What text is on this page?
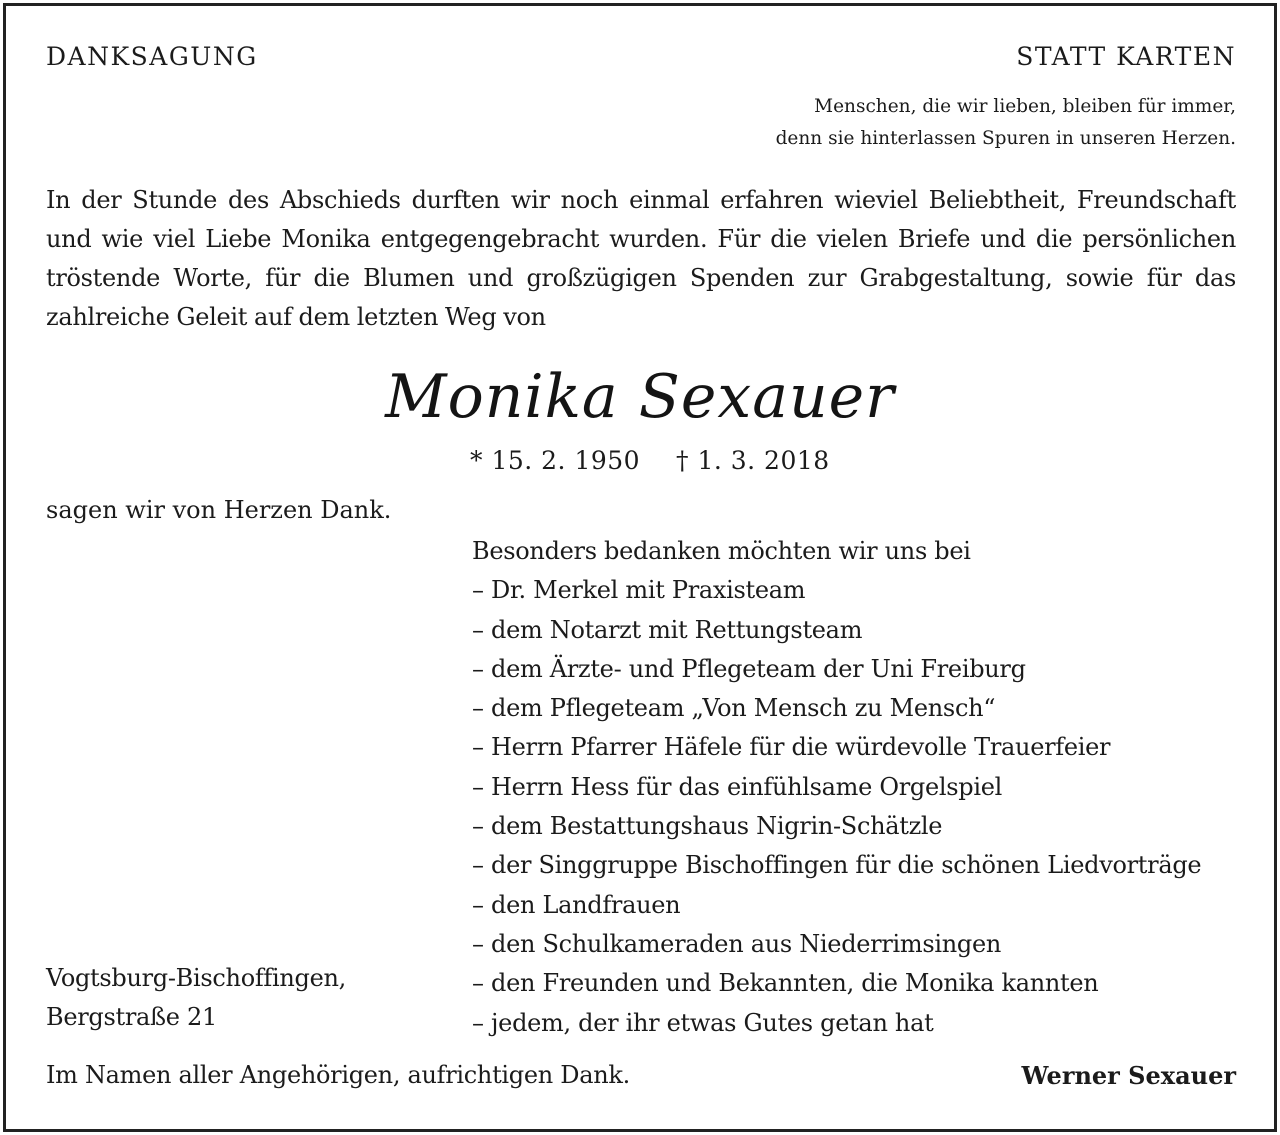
DANKSAGUNG	STATT KARTEN
Menschen, die wir lieben, bleiben für immer,
denn sie hinterlassen Spuren in unseren Herzen.
In der Stunde des Abschieds durften wir noch einmal erfahren wieviel Beliebtheit, Freundschaft und wie viel Liebe Monika entgegengebracht wurden. Für die vielen Briefe und die persönlichen tröstende Worte, für die Blumen und großzügigen Spenden zur Grabgestaltung, sowie für das zahlreiche Geleit auf dem letzten Weg von
Monika Sexauer
* 15. 2. 1950 † 1. 3. 2018
sagen wir von Herzen Dank.
Besonders bedanken möchten wir uns bei
– Dr. Merkel mit Praxisteam
– dem Notarzt mit Rettungsteam
– dem Ärzte- und Pflegeteam der Uni Freiburg
– dem Pflegeteam „Von Mensch zu Mensch“
– Herrn Pfarrer Häfele für die würdevolle Trauerfeier
– Herrn Hess für das einfühlsame Orgelspiel
– dem Bestattungshaus Nigrin-Schätzle
– der Singgruppe Bischoffingen für die schönen Liedvorträge
– den Landfrauen
– den Schulkameraden aus Niederrimsingen
– den Freunden und Bekannten, die Monika kannten
– jedem, der ihr etwas Gutes getan hat
Vogtsburg-Bischoffingen,
Bergstraße 21
Im Namen aller Angehörigen, aufrichtigen Dank.	Werner Sexauer
